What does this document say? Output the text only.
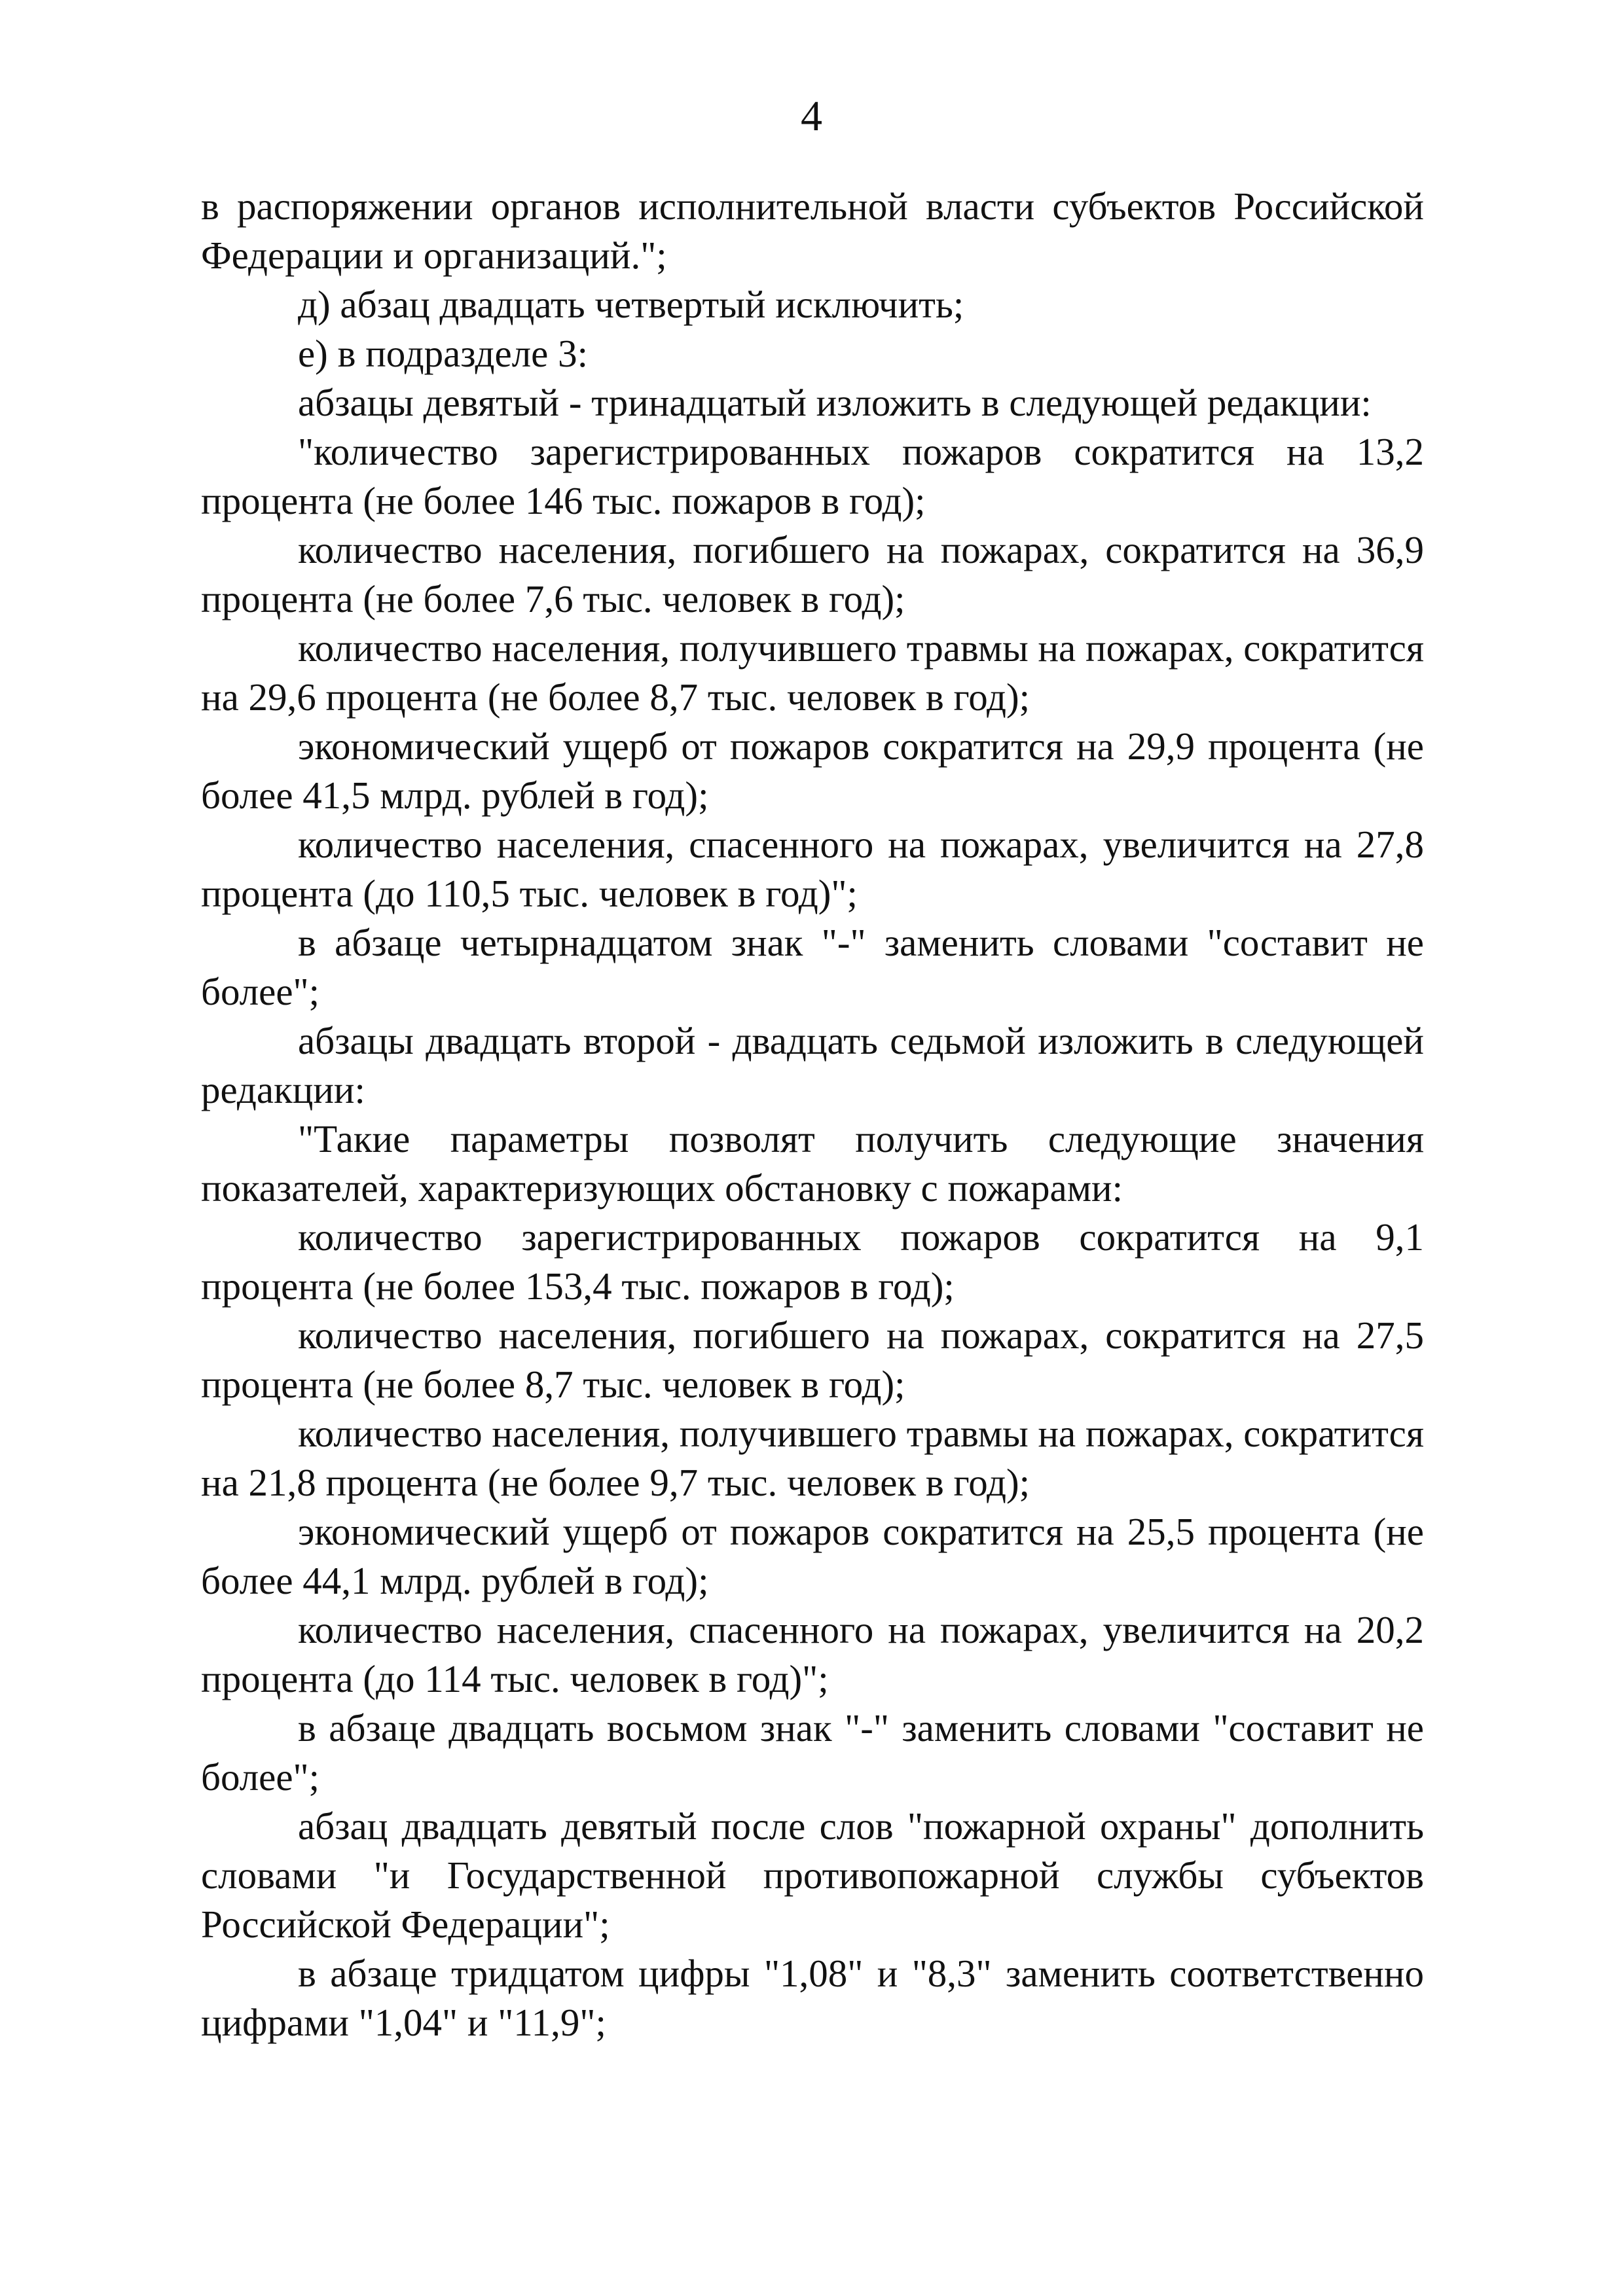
4

в распоряжении органов исполнительной власти субъектов Российской Федерации и организаций.";

д) абзац двадцать четвертый исключить;

е) в подразделе 3:

абзацы девятый - тринадцатый изложить в следующей редакции:

"количество зарегистрированных пожаров сократится на 13,2 процента (не более 146 тыс. пожаров в год);

количество населения, погибшего на пожарах, сократится на 36,9 процента (не более 7,6 тыс. человек в год);

количество населения, получившего травмы на пожарах, сократится на 29,6 процента (не более 8,7 тыс. человек в год);

экономический ущерб от пожаров сократится на 29,9 процента (не более 41,5 млрд. рублей в год);

количество населения, спасенного на пожарах, увеличится на 27,8 процента (до 110,5 тыс. человек в год)";

в абзаце четырнадцатом знак "-" заменить словами "составит не более";

абзацы двадцать второй - двадцать седьмой изложить в следующей редакции:

"Такие параметры позволят получить следующие значения показателей, характеризующих обстановку с пожарами:

количество зарегистрированных пожаров сократится на 9,1 процента (не более 153,4 тыс. пожаров в год);

количество населения, погибшего на пожарах, сократится на 27,5 процента (не более 8,7 тыс. человек в год);

количество населения, получившего травмы на пожарах, сократится на 21,8 процента (не более 9,7 тыс. человек в год);

экономический ущерб от пожаров сократится на 25,5 процента (не более 44,1 млрд. рублей в год);

количество населения, спасенного на пожарах, увеличится на 20,2 процента (до 114 тыс. человек в год)";

в абзаце двадцать восьмом знак "-" заменить словами "составит не более";

абзац двадцать девятый после слов "пожарной охраны" дополнить словами "и Государственной противопожарной службы субъектов Российской Федерации";

в абзаце тридцатом цифры "1,08" и "8,3" заменить соответственно цифрами "1,04" и "11,9";
